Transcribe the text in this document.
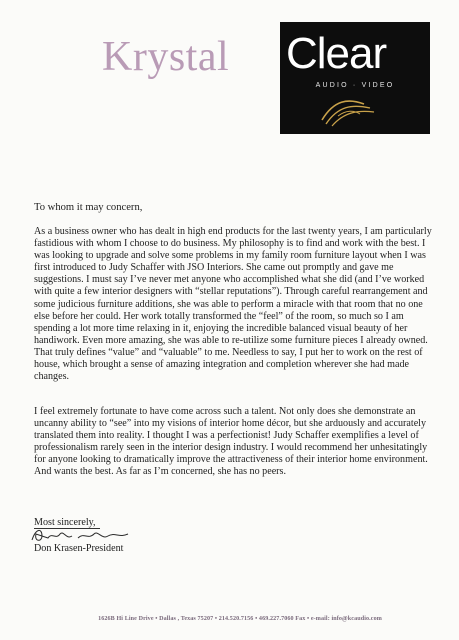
Krystal Clear
AUDIO · VIDEO
To whom it may concern,

As a business owner who has dealt in high end products for the last twenty years, I am particularly fastidious with whom I choose to do business. My philosophy is to find and work with the best. I was looking to upgrade and solve some problems in my family room furniture layout when I was first introduced to Judy Schaffer with JSO Interiors. She came out promptly and gave me suggestions. I must say I’ve never met anyone who accomplished what she did (and I’ve worked with quite a few interior designers with “stellar reputations”). Through careful rearrangement and some judicious furniture additions, she was able to perform a miracle with that room that no one else before her could. Her work totally transformed the “feel” of the room, so much so I am spending a lot more time relaxing in it, enjoying the incredible balanced visual beauty of her handiwork. Even more amazing, she was able to re-utilize some furniture pieces I already owned. That truly defines “value” and “valuable” to me. Needless to say, I put her to work on the rest of house, which brought a sense of amazing integration and completion wherever she had made changes.

I feel extremely fortunate to have come across such a talent. Not only does she demonstrate an uncanny ability to “see” into my visions of interior home décor, but she arduously and accurately translated them into reality. I thought I was a perfectionist! Judy Schaffer exemplifies a level of professionalism rarely seen in the interior design industry. I would recommend her unhesitatingly for anyone looking to dramatically improve the attractiveness of their interior home environment. And wants the best. As far as I’m concerned, she has no peers.

Most sincerely,
Don Krasen-President
1626B Hi Line Drive • Dallas , Texas 75207 • 214.520.7156 • 469.227.7060 Fax • e-mail: info@kcaudio.com
